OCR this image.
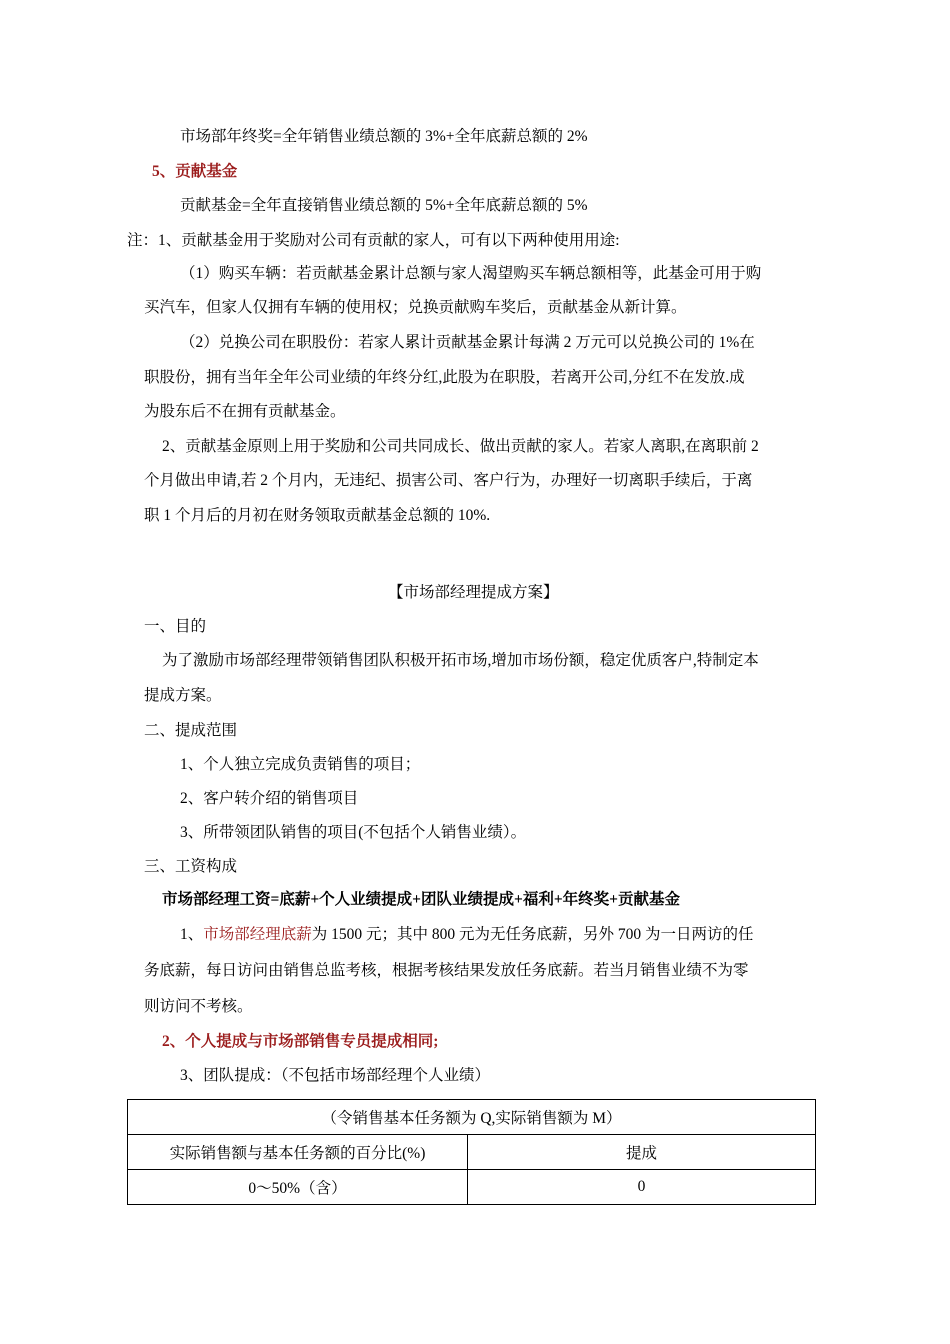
市场部年终奖=全年销售业绩总额的 3%+全年底薪总额的 2%
5、贡献基金
贡献基金=全年直接销售业绩总额的 5%+全年底薪总额的 5%
注：1、贡献基金用于奖励对公司有贡献的家人，可有以下两种使用用途:
（1）购买车辆：若贡献基金累计总额与家人渴望购买车辆总额相等，此基金可用于购
买汽车，但家人仅拥有车辆的使用权；兑换贡献购车奖后，贡献基金从新计算。
（2）兑换公司在职股份：若家人累计贡献基金累计每满 2 万元可以兑换公司的 1%在
职股份，拥有当年全年公司业绩的年终分红,此股为在职股，若离开公司,分红不在发放.成
为股东后不在拥有贡献基金。
2、贡献基金原则上用于奖励和公司共同成长、做出贡献的家人。若家人离职,在离职前 2
个月做出申请,若 2 个月内，无违纪、损害公司、客户行为，办理好一切离职手续后，于离
职 1 个月后的月初在财务领取贡献基金总额的 10%.
【市场部经理提成方案】
一、目的
为了激励市场部经理带领销售团队积极开拓市场,增加市场份额，稳定优质客户,特制定本
提成方案。
二、提成范围
1、个人独立完成负责销售的项目；
2、客户转介绍的销售项目
3、所带领团队销售的项目(不包括个人销售业绩）。
三、工资构成
市场部经理工资=底薪+个人业绩提成+团队业绩提成+福利+年终奖+贡献基金
1、市场部经理底薪为 1500 元；其中 800 元为无任务底薪，另外 700 为一日两访的任
务底薪，每日访问由销售总监考核，根据考核结果发放任务底薪。若当月销售业绩不为零
则访问不考核。
2、个人提成与市场部销售专员提成相同;
3、团队提成：（不包括市场部经理个人业绩）
（令销售基本任务额为 Q,实际销售额为 M）	
实际销售额与基本任务额的百分比(%)	提成
0～50%（含）	0
